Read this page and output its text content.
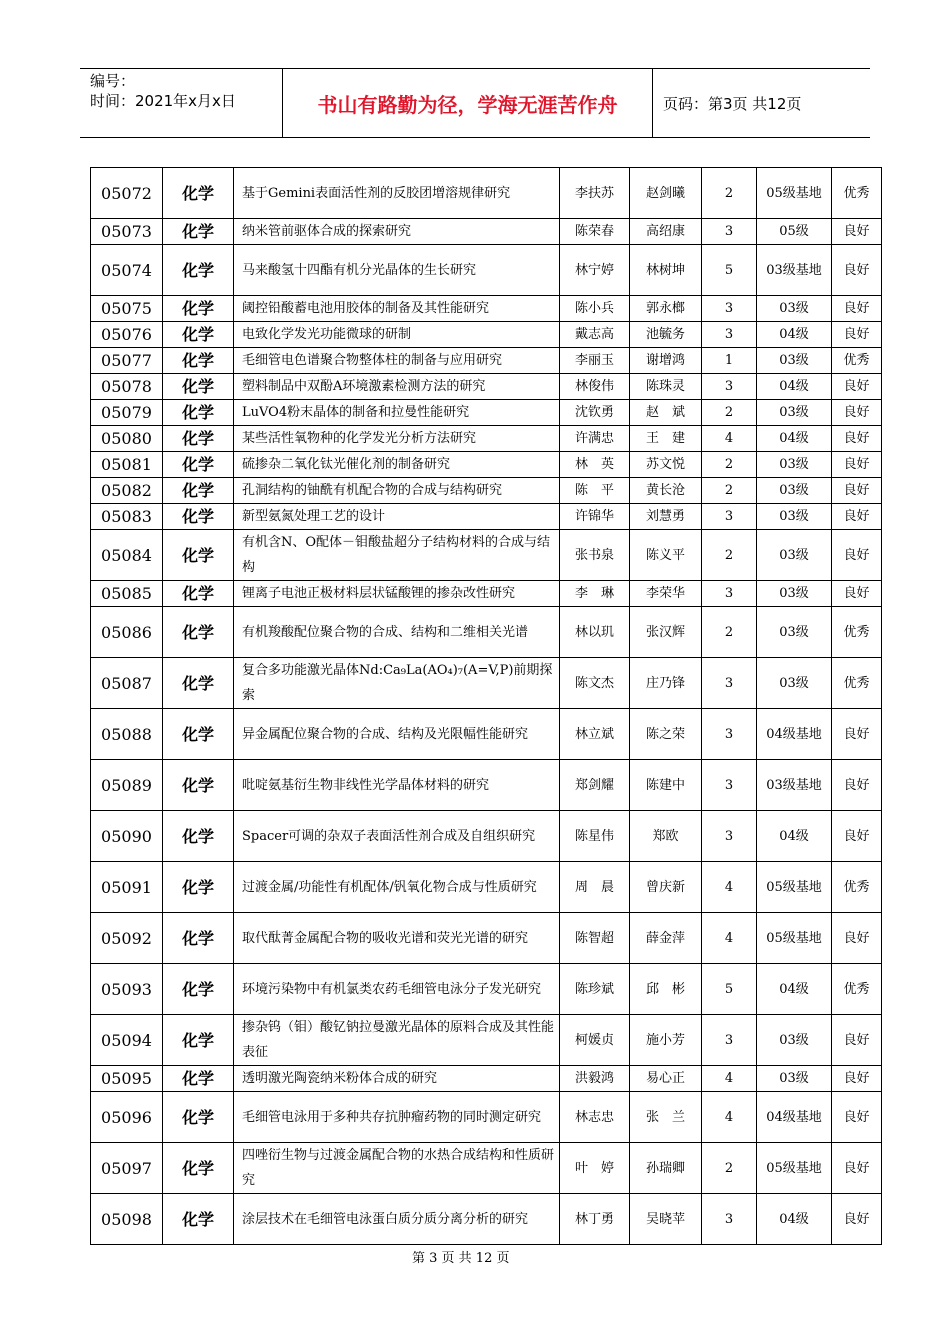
编号：
时间：2021年x月x日	书山有路勤为径，学海无涯苦作舟	页码：第3页 共12页
05072	化学	基于Gemini表面活性剂的反胶团增溶规律研究	李扶苏	赵剑曦	2	05级基地	优秀
05073	化学	纳米管前驱体合成的探索研究	陈荣春	高绍康	3	05级	良好
05074	化学	马来酸氢十四酯有机分光晶体的生长研究	林宁婷	林树坤	5	03级基地	良好
05075	化学	阈控铅酸蓄电池用胶体的制备及其性能研究	陈小兵	郭永榔	3	03级	良好
05076	化学	电致化学发光功能微球的研制	戴志高	池毓务	3	04级	良好
05077	化学	毛细管电色谱聚合物整体柱的制备与应用研究	李丽玉	谢增鸿	1	03级	优秀
05078	化学	塑料制品中双酚A环境激素检测方法的研究	林俊伟	陈珠灵	3	04级	良好
05079	化学	LuVO4粉末晶体的制备和拉曼性能研究	沈钦勇	赵　斌	2	03级	良好
05080	化学	某些活性氧物种的化学发光分析方法研究	许满忠	王　建	4	04级	良好
05081	化学	硫掺杂二氧化钛光催化剂的制备研究	林　英	苏文悦	2	03级	良好
05082	化学	孔洞结构的铀酰有机配合物的合成与结构研究	陈　平	黄长沧	2	03级	良好
05083	化学	新型氨氮处理工艺的设计	许锦华	刘慧勇	3	03级	良好
05084	化学	有机含N、O配体－钼酸盐超分子结构材料的合成与结构	张书泉	陈义平	2	03级	良好
05085	化学	锂离子电池正极材料层状锰酸锂的掺杂改性研究	李　琳	李荣华	3	03级	良好
05086	化学	有机羧酸配位聚合物的合成、结构和二维相关光谱	林以玑	张汉辉	2	03级	优秀
05087	化学	复合多功能激光晶体Nd:Ca₉La(AO₄)₇(A=V,P)前期探索	陈文杰	庄乃锋	3	03级	优秀
05088	化学	异金属配位聚合物的合成、结构及光限幅性能研究	林立斌	陈之荣	3	04级基地	良好
05089	化学	吡啶氨基衍生物非线性光学晶体材料的研究	郑剑耀	陈建中	3	03级基地	良好
05090	化学	Spacer可调的杂双子表面活性剂合成及自组织研究	陈星伟	郑欧	3	04级	良好
05091	化学	过渡金属/功能性有机配体/钒氧化物合成与性质研究	周　晨	曾庆新	4	05级基地	优秀
05092	化学	取代酞菁金属配合物的吸收光谱和荧光光谱的研究	陈智超	薛金萍	4	05级基地	良好
05093	化学	环境污染物中有机氯类农药毛细管电泳分子发光研究	陈珍斌	邱　彬	5	04级	优秀
05094	化学	掺杂钨（钼）酸钇钠拉曼激光晶体的原料合成及其性能表征	柯媛贞	施小芳	3	03级	良好
05095	化学	透明激光陶瓷纳米粉体合成的研究	洪毅鸿	易心正	4	03级	良好
05096	化学	毛细管电泳用于多种共存抗肿瘤药物的同时测定研究	林志忠	张　兰	4	04级基地	良好
05097	化学	四唑衍生物与过渡金属配合物的水热合成结构和性质研究	叶　婷	孙瑞卿	2	05级基地	良好
05098	化学	涂层技术在毛细管电泳蛋白质分质分离分析的研究	林丁勇	吴晓苹	3	04级	良好
第 3 页 共 12 页
